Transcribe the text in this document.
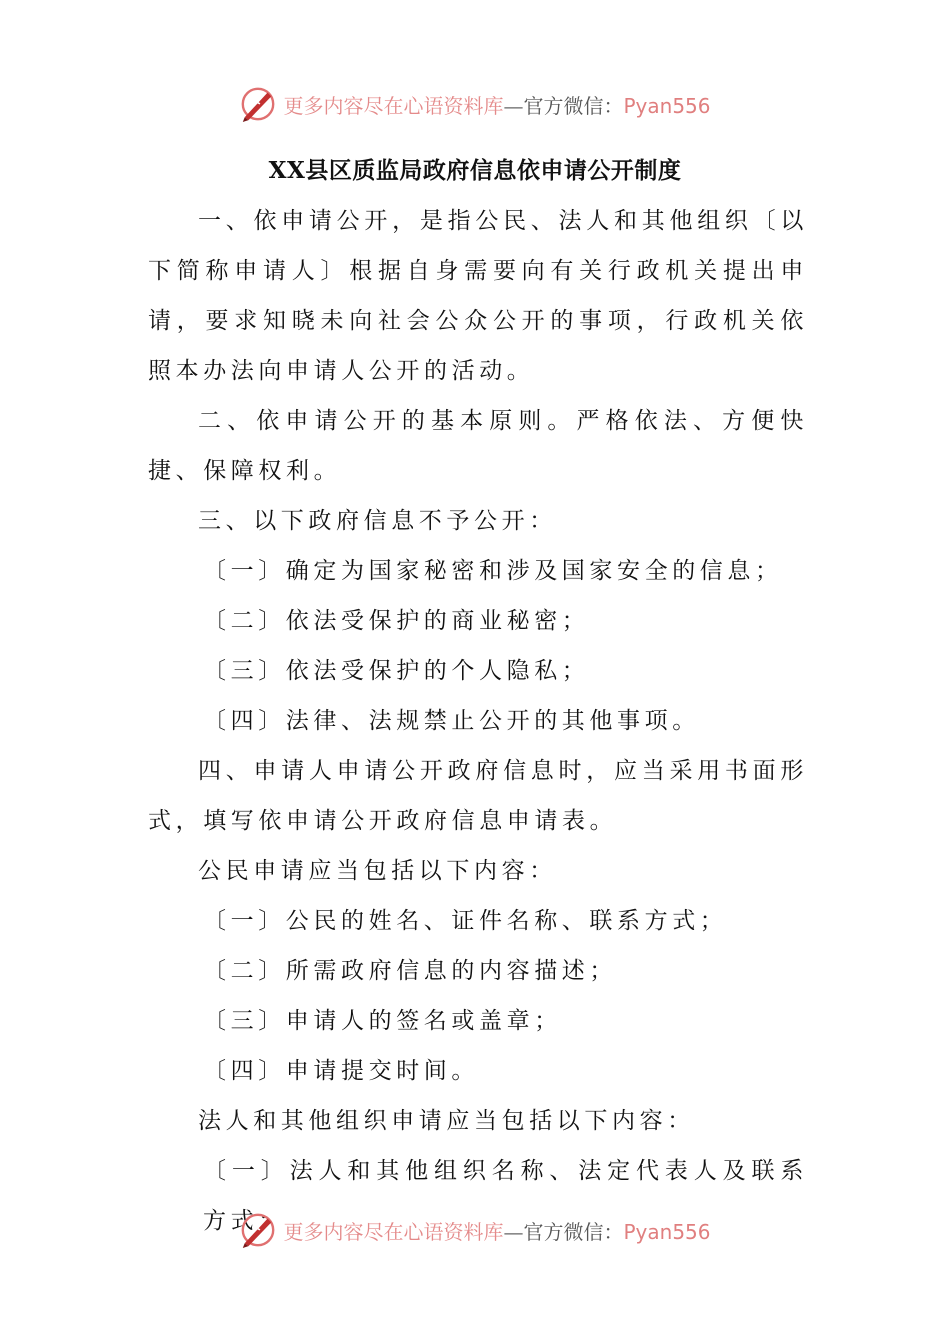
更多内容尽在心语资料库—官方微信：Pyan556
XX县区质监局政府信息依申请公开制度

一、依申请公开，是指公民、法人和其他组织〔以下简称申请人〕根据自身需要向有关行政机关提出申请，要求知晓未向社会公众公开的事项，行政机关依照本办法向申请人公开的活动。

二、依申请公开的基本原则。严格依法、方便快捷、保障权利。

三、以下政府信息不予公开：

〔一〕确定为国家秘密和涉及国家安全的信息；

〔二〕依法受保护的商业秘密；

〔三〕依法受保护的个人隐私；

〔四〕法律、法规禁止公开的其他事项。

四、申请人申请公开政府信息时，应当采用书面形式，填写依申请公开政府信息申请表。

公民申请应当包括以下内容：

〔一〕公民的姓名、证件名称、联系方式；

〔二〕所需政府信息的内容描述；

〔三〕申请人的签名或盖章；

〔四〕申请提交时间。

法人和其他组织申请应当包括以下内容：

〔一〕法人和其他组织名称、法定代表人及联系方式；

更多内容尽在心语资料库—官方微信：Pyan556
